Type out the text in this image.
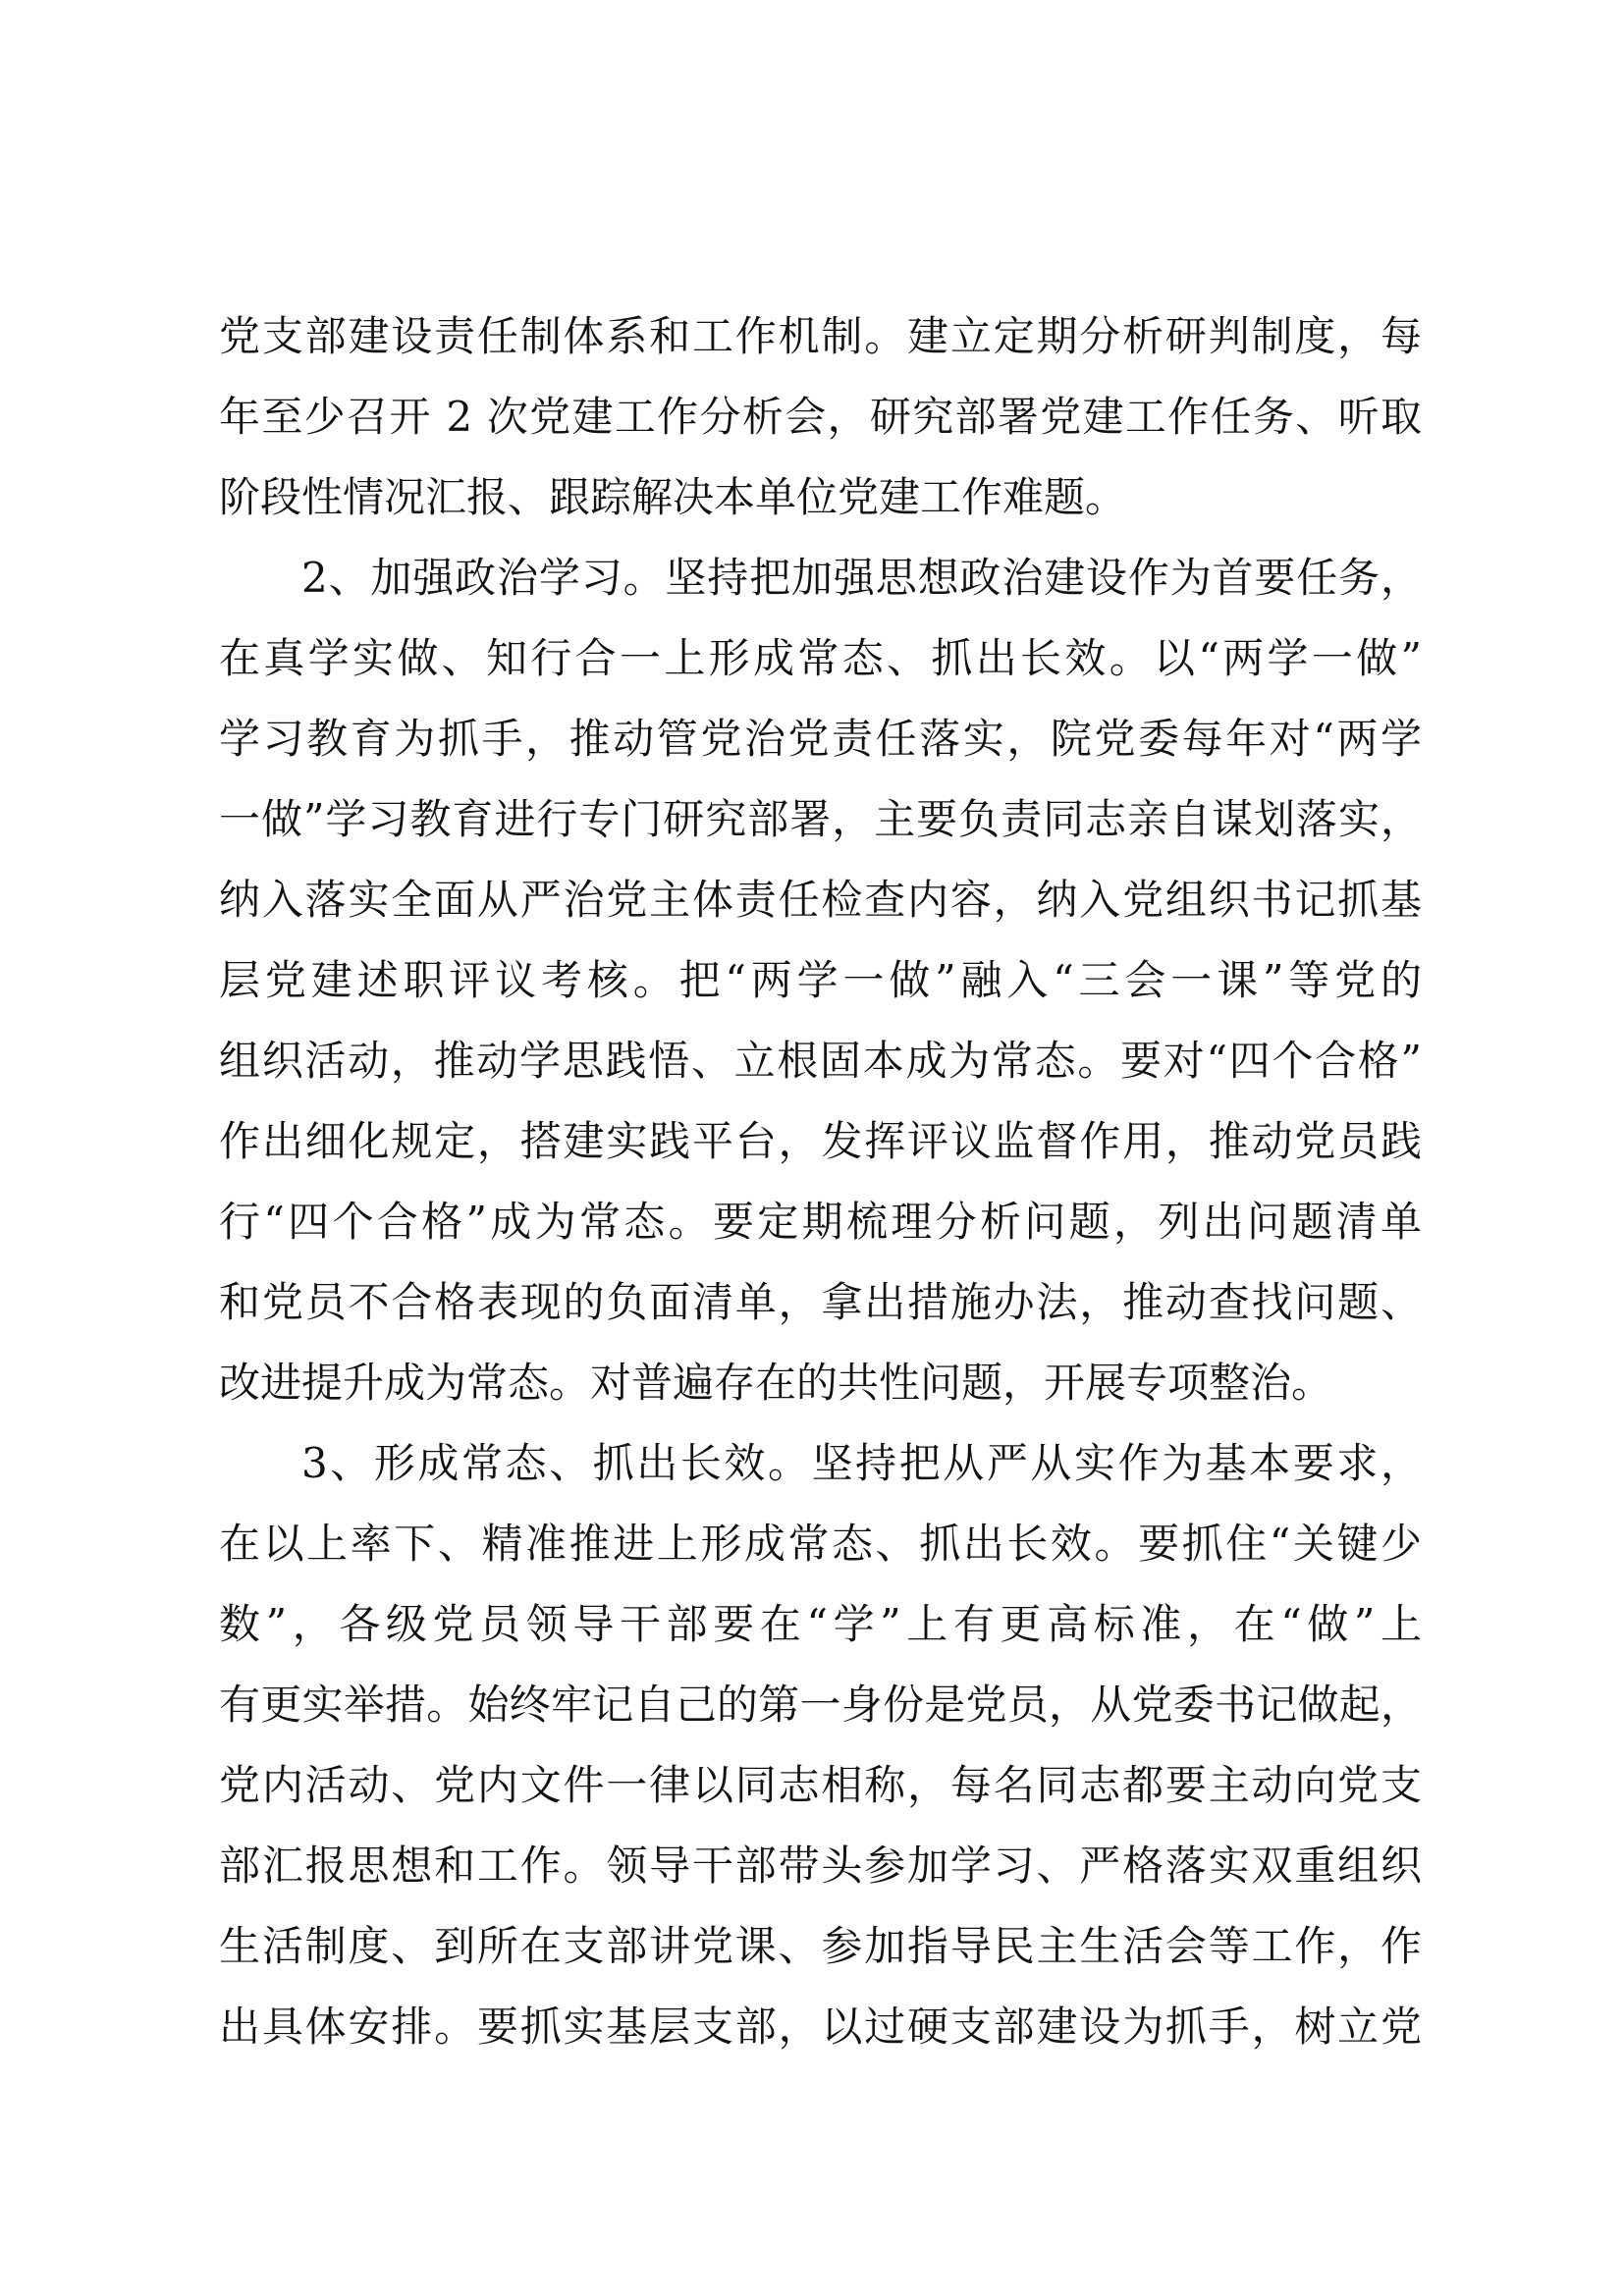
党支部建设责任制体系和工作机制。建立定期分析研判制度，每
年至少召开 2 次党建工作分析会，研究部署党建工作任务、听取
阶段性情况汇报、跟踪解决本单位党建工作难题。
2、加强政治学习。坚持把加强思想政治建设作为首要任务，
在真学实做、知行合一上形成常态、抓出长效。以“两学一做”
学习教育为抓手，推动管党治党责任落实，院党委每年对“两学
一做”学习教育进行专门研究部署，主要负责同志亲自谋划落实，
纳入落实全面从严治党主体责任检查内容，纳入党组织书记抓基
层党建述职评议考核。把“两学一做”融入“三会一课”等党的
组织活动，推动学思践悟、立根固本成为常态。要对“四个合格”
作出细化规定，搭建实践平台，发挥评议监督作用，推动党员践
行“四个合格”成为常态。要定期梳理分析问题，列出问题清单
和党员不合格表现的负面清单，拿出措施办法，推动查找问题、
改进提升成为常态。对普遍存在的共性问题，开展专项整治。
3、形成常态、抓出长效。坚持把从严从实作为基本要求，
在以上率下、精准推进上形成常态、抓出长效。要抓住“关键少
数”，各级党员领导干部要在“学”上有更高标准，在“做”上
有更实举措。始终牢记自己的第一身份是党员，从党委书记做起，
党内活动、党内文件一律以同志相称，每名同志都要主动向党支
部汇报思想和工作。领导干部带头参加学习、严格落实双重组织
生活制度、到所在支部讲党课、参加指导民主生活会等工作，作
出具体安排。要抓实基层支部，以过硬支部建设为抓手，树立党
